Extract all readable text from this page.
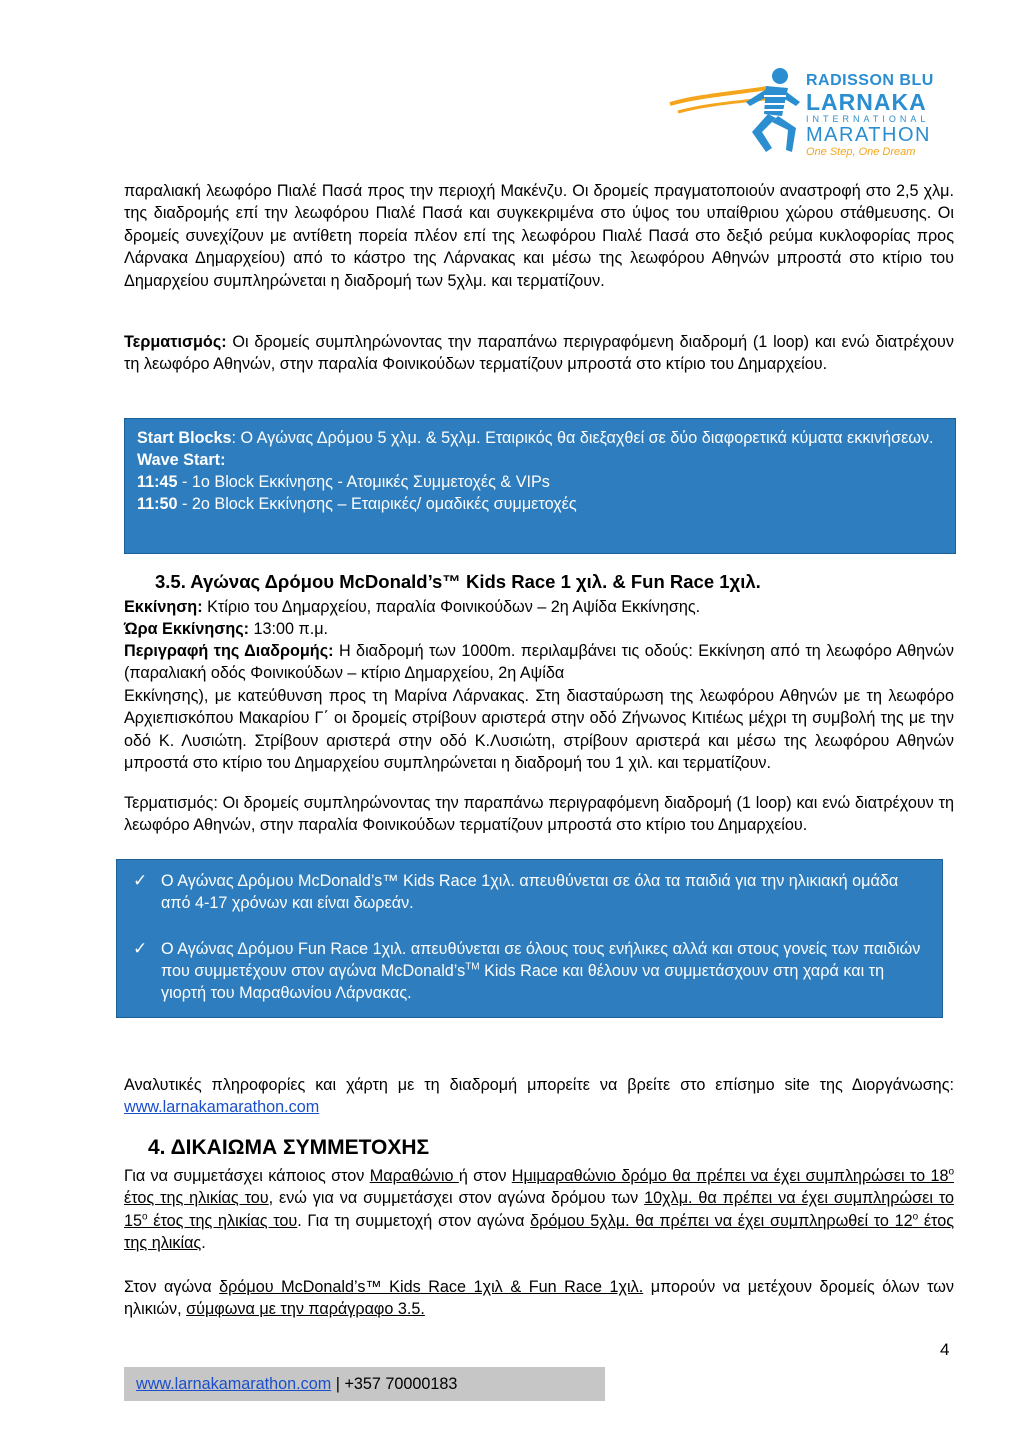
RADISSON BLU
LARNAKA
INTERNATIONAL
MARATHON
One Step, One Dream
παραλιακή λεωφόρο Πιαλέ Πασά προς την περιοχή Μακένζυ. Οι δρομείς πραγματοποιούν αναστροφή στο 2,5 χλμ. της διαδρομής επί την λεωφόρου Πιαλέ Πασά και συγκεκριμένα στο ύψος του υπαίθριου χώρου στάθμευσης. Οι δρομείς συνεχίζουν με αντίθετη πορεία πλέον επί της λεωφόρου Πιαλέ Πασά στο δεξιό ρεύμα κυκλοφορίας προς Λάρνακα Δημαρχείου) από το κάστρο της Λάρνακας και μέσω της λεωφόρου Αθηνών μπροστά στο κτίριο του Δημαρχείου συμπληρώνεται η διαδρομή των 5χλμ. και τερματίζουν.
Τερματισμός: Οι δρομείς συμπληρώνοντας την παραπάνω περιγραφόμενη διαδρομή (1 loop) και ενώ διατρέχουν τη λεωφόρο Αθηνών, στην παραλία Φοινικούδων τερματίζουν μπροστά στο κτίριο του Δημαρχείου.
Start Blocks: Ο Αγώνας Δρόμου 5 χλμ. & 5χλμ. Εταιρικός θα διεξαχθεί σε δύο διαφορετικά κύματα εκκινήσεων.
Wave Start:
11:45 - 1ο Block Εκκίνησης - Ατομικές Συμμετοχές & VIPs
11:50 - 2ο Block Εκκίνησης – Εταιρικές/ ομαδικές συμμετοχές
3.5. Αγώνας Δρόμου McDonald’s™ Kids Race 1 χιλ. & Fun Race 1χιλ.
Εκκίνηση: Κτίριο του Δημαρχείου, παραλία Φοινικούδων – 2η Αψίδα Εκκίνησης.
Ώρα Εκκίνησης: 13:00 π.μ.
Περιγραφή της Διαδρομής: Η διαδρομή των 1000m. περιλαμβάνει τις οδούς: Εκκίνηση από τη λεωφόρο Αθηνών (παραλιακή οδός Φοινικούδων – κτίριο Δημαρχείου, 2η Αψίδα
Εκκίνησης), με κατεύθυνση προς τη Μαρίνα Λάρνακας. Στη διασταύρωση της λεωφόρου Αθηνών με τη λεωφόρο Αρχιεπισκόπου Μακαρίου Γ΄ οι δρομείς στρίβουν αριστερά στην οδό Ζήνωνος Κιτιέως μέχρι τη συμβολή της με την οδό Κ. Λυσιώτη. Στρίβουν αριστερά στην οδό Κ.Λυσιώτη, στρίβουν αριστερά και μέσω της λεωφόρου Αθηνών μπροστά στο κτίριο του Δημαρχείου συμπληρώνεται η διαδρομή του 1 χιλ. και τερματίζουν.
Τερματισμός: Οι δρομείς συμπληρώνοντας την παραπάνω περιγραφόμενη διαδρομή (1 loop) και ενώ διατρέχουν τη λεωφόρο Αθηνών, στην παραλία Φοινικούδων τερματίζουν μπροστά στο κτίριο του Δημαρχείου.
✓ Ο Αγώνας Δρόμου McDonald’s™ Kids Race 1χιλ. απευθύνεται σε όλα τα παιδιά για την ηλικιακή ομάδα από 4-17 χρόνων και είναι δωρεάν.
✓ Ο Αγώνας Δρόμου Fun Race 1χιλ. απευθύνεται σε όλους τους ενήλικες αλλά και στους γονείς των παιδιών που συμμετέχουν στον αγώνα McDonald’s™ Kids Race και θέλουν να συμμετάσχουν στη χαρά και τη γιορτή του Μαραθωνίου Λάρνακας.
Αναλυτικές πληροφορίες και χάρτη με τη διαδρομή μπορείτε να βρείτε στο επίσημο site της Διοργάνωσης: www.larnakamarathon.com
4. ΔΙΚΑΙΩΜΑ ΣΥΜΜΕΤΟΧΗΣ
Για να συμμετάσχει κάποιος στον Μαραθώνιο ή στον Ημιμαραθώνιο δρόμο θα πρέπει να έχει συμπληρώσει το $18^o$ έτος της ηλικίας του, ενώ για να συμμετάσχει στον αγώνα δρόμου των 10χλμ. θα πρέπει να έχει συμπληρώσει το $15^o$ έτος της ηλικίας του. Για τη συμμετοχή στον αγώνα δρόμου 5χλμ. θα πρέπει να έχει συμπληρωθεί το $12^o$ έτος της ηλικίας.
Στον αγώνα δρόμου McDonald’s™ Kids Race 1χιλ & Fun Race 1χιλ. μπορούν να μετέχουν δρομείς όλων των ηλικιών, σύμφωνα με την παράγραφο 3.5.
www.larnakamarathon.com | +357 70000183
4
